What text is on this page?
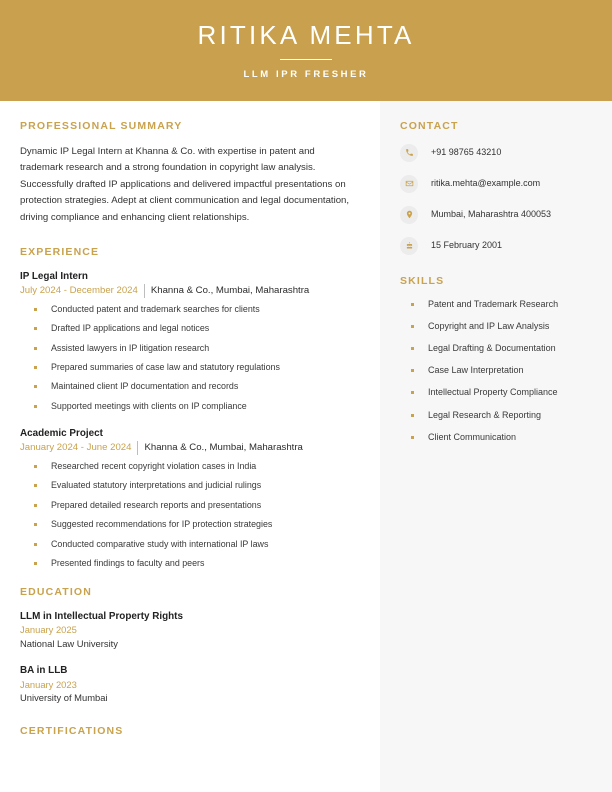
RITIKA MEHTA
LLM IPR FRESHER
PROFESSIONAL SUMMARY

Dynamic IP Legal Intern at Khanna & Co. with expertise in patent and trademark research and a strong foundation in copyright law analysis. Successfully drafted IP applications and delivered impactful presentations on protection strategies. Adept at client communication and legal documentation, driving compliance and enhancing client relationships.

EXPERIENCE
IP Legal Intern
July 2024 - December 2024 Khanna & Co., Mumbai, Maharashtra
Conducted patent and trademark searches for clients
Drafted IP applications and legal notices
Assisted lawyers in IP litigation research
Prepared summaries of case law and statutory regulations
Maintained client IP documentation and records
Supported meetings with clients on IP compliance
Academic Project
January 2024 - June 2024 Khanna & Co., Mumbai, Maharashtra
Researched recent copyright violation cases in India
Evaluated statutory interpretations and judicial rulings
Prepared detailed research reports and presentations
Suggested recommendations for IP protection strategies
Conducted comparative study with international IP laws
Presented findings to faculty and peers
EDUCATION
LLM in Intellectual Property Rights
January 2025
National Law University
BA in LLB
January 2023
University of Mumbai
CERTIFICATIONS
CONTACT
+91 98765 43210
ritika.mehta@example.com
Mumbai, Maharashtra 400053
15 February 2001
SKILLS
Patent and Trademark Research
Copyright and IP Law Analysis
Legal Drafting & Documentation
Case Law Interpretation
Intellectual Property Compliance
Legal Research & Reporting
Client Communication
